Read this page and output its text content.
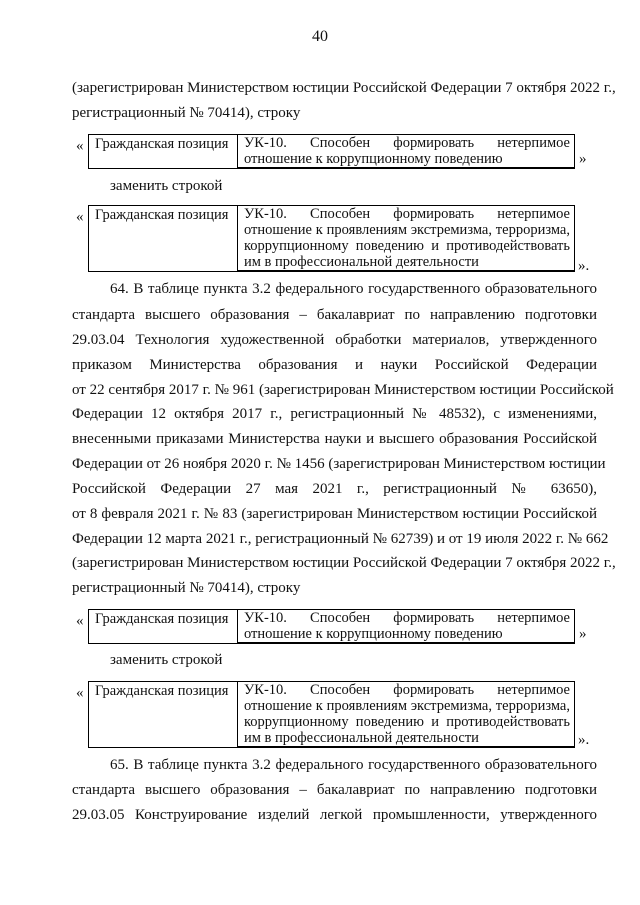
40
(зарегистрирован Министерством юстиции Российской Федерации 7 октября 2022 г.,
регистрационный № 70414), строку
« Гражданская позиция	УК-10. Способен формировать нетерпимое
отношение к коррупционному поведению	»
заменить строкой
« Гражданская позиция	УК-10. Способен формировать нетерпимое
отношение к проявлениям экстремизма, терроризма,
коррупционному поведению и противодействовать
им в профессиональной деятельности	».
64. В таблице пункта 3.2 федерального государственного образовательного
стандарта высшего образования – бакалавриат по направлению подготовки
29.03.04 Технология художественной обработки материалов, утвержденного
приказом Министерства образования и науки Российской Федерации
от 22 сентября 2017 г. № 961 (зарегистрирован Министерством юстиции Российской
Федерации 12 октября 2017 г., регистрационный № 48532), с изменениями,
внесенными приказами Министерства науки и высшего образования Российской
Федерации от 26 ноября 2020 г. № 1456 (зарегистрирован Министерством юстиции
Российской Федерации 27 мая 2021 г., регистрационный № 63650),
от 8 февраля 2021 г. № 83 (зарегистрирован Министерством юстиции Российской
Федерации 12 марта 2021 г., регистрационный № 62739) и от 19 июля 2022 г. № 662
(зарегистрирован Министерством юстиции Российской Федерации 7 октября 2022 г.,
регистрационный № 70414), строку
« Гражданская позиция	УК-10. Способен формировать нетерпимое
отношение к коррупционному поведению	»
заменить строкой
« Гражданская позиция	УК-10. Способен формировать нетерпимое
отношение к проявлениям экстремизма, терроризма,
коррупционному поведению и противодействовать
им в профессиональной деятельности	».
65. В таблице пункта 3.2 федерального государственного образовательного
стандарта высшего образования – бакалавриат по направлению подготовки
29.03.05 Конструирование изделий легкой промышленности, утвержденного
